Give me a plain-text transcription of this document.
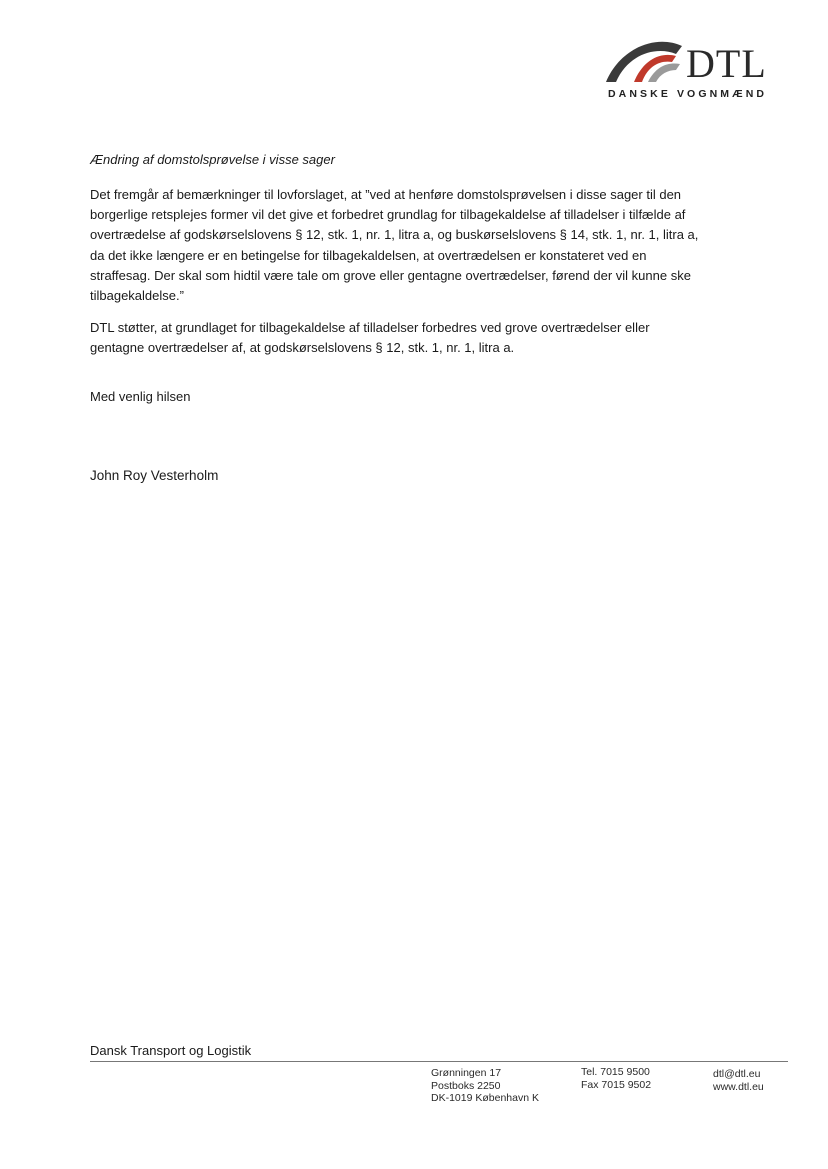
DTL
DANSKE VOGNMÆND

Ændring af domstolsprøvelse i visse sager

Det fremgår af bemærkninger til lovforslaget, at ”ved at henføre domstolsprøvelsen i disse sager til den borgerlige retsplejes former vil det give et forbedret grundlag for tilbagekaldelse af tilladelser i tilfælde af overtrædelse af godskørselslovens § 12, stk. 1, nr. 1, litra a, og buskørselslovens § 14, stk. 1, nr. 1, litra a, da det ikke længere er en betingelse for tilbagekaldelsen, at overtrædelsen er konstateret ved en straffesag. Der skal som hidtil være tale om grove eller gentagne overtrædelser, førend der vil kunne ske tilbagekaldelse.”

DTL støtter, at grundlaget for tilbagekaldelse af tilladelser forbedres ved grove overtrædelser eller gentagne overtrædelser af, at godskørselslovens § 12, stk. 1, nr. 1, litra a.

Med venlig hilsen

John Roy Vesterholm
Dansk Transport og Logistik
Grønningen 17
Postboks 2250
DK-1019 København K
Tel. 7015 9500
Fax 7015 9502
dtl@dtl.eu
www.dtl.eu
